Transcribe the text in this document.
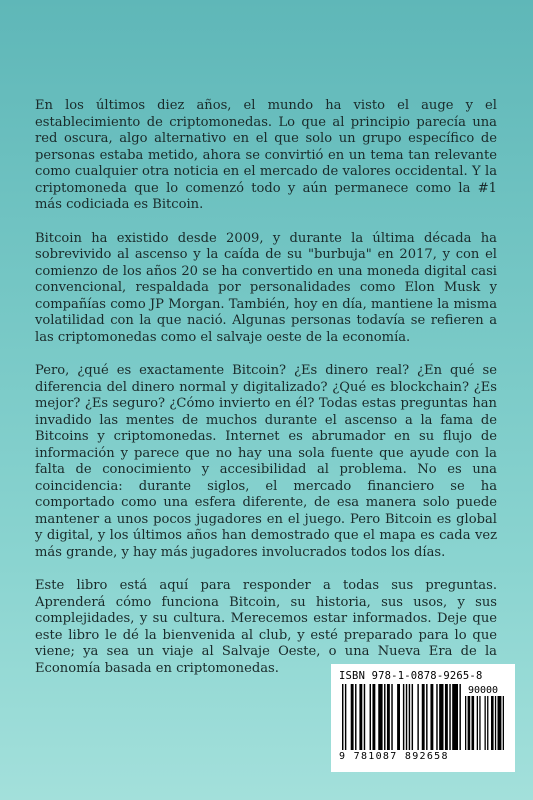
En los últimos diez años, el mundo ha visto el auge y el establecimiento de criptomonedas. Lo que al principio parecía una red oscura, algo alternativo en el que solo un grupo específico de personas estaba metido, ahora se convirtió en un tema tan relevante como cualquier otra noticia en el mercado de valores occidental. Y la criptomoneda que lo comenzó todo y aún permanece como la #1 más codiciada es Bitcoin.

Bitcoin ha existido desde 2009, y durante la última década ha sobrevivido al ascenso y la caída de su "burbuja" en 2017, y con el comienzo de los años 20 se ha convertido en una moneda digital casi convencional, respaldada por personalidades como Elon Musk y compañías como JP Morgan. También, hoy en día, mantiene la misma volatilidad con la que nació. Algunas personas todavía se refieren a las criptomonedas como el salvaje oeste de la economía.

Pero, ¿qué es exactamente Bitcoin? ¿Es dinero real? ¿En qué se diferencia del dinero normal y digitalizado? ¿Qué es blockchain? ¿Es mejor? ¿Es seguro? ¿Cómo invierto en él? Todas estas preguntas han invadido las mentes de muchos durante el ascenso a la fama de Bitcoins y criptomonedas. Internet es abrumador en su flujo de información y parece que no hay una sola fuente que ayude con la falta de conocimiento y accesibilidad al problema. No es una coincidencia: durante siglos, el mercado financiero se ha comportado como una esfera diferente, de esa manera solo puede mantener a unos pocos jugadores en el juego. Pero Bitcoin es global y digital, y los últimos años han demostrado que el mapa es cada vez más grande, y hay más jugadores involucrados todos los días.

Este libro está aquí para responder a todas sus preguntas. Aprenderá cómo funciona Bitcoin, su historia, sus usos, y sus complejidades, y su cultura. Merecemos estar informados. Deje que este libro le dé la bienvenida al club, y esté preparado para lo que viene; ya sea un viaje al Salvaje Oeste, o una Nueva Era de la Economía basada en criptomonedas.

ISBN 978-1-0878-9265-8
90000
9 781087 892658
